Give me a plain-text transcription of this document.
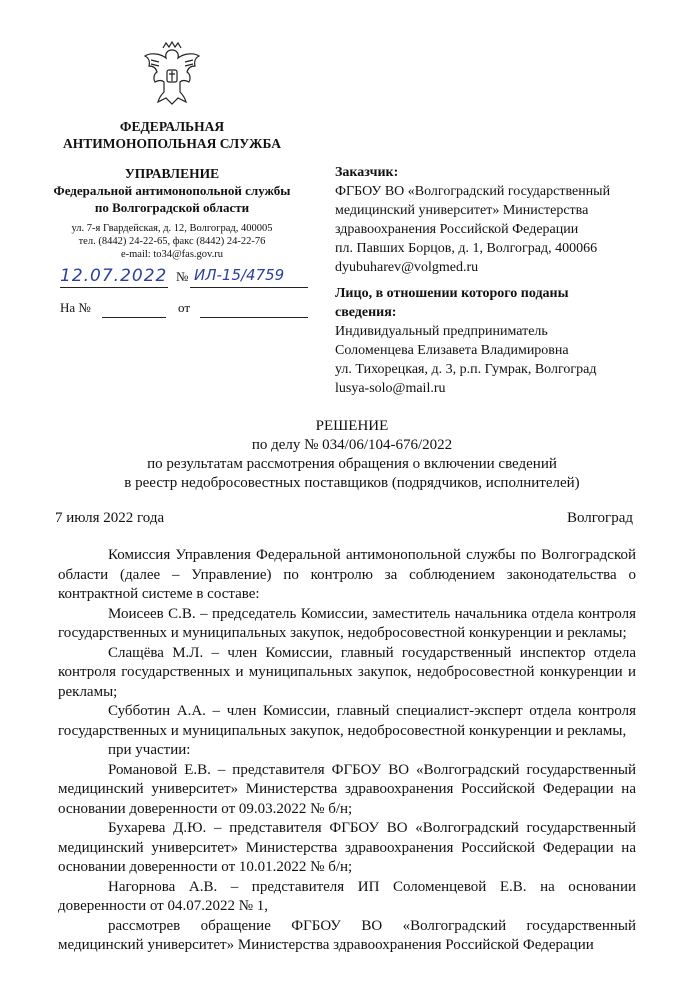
ФЕДЕРАЛЬНАЯ
АНТИМОНОПОЛЬНАЯ СЛУЖБА
УПРАВЛЕНИЕ
Федеральной антимонопольной службы
по Волгоградской области
ул. 7-я Гвардейская, д. 12, Волгоград, 400005
тел. (8442) 24-22-65, факс (8442) 24-22-76
e-mail: to34@fas.gov.ru
12.07.2022 № ИЛ-15/4759
На №	от
Заказчик:
ФГБОУ ВО «Волгоградский государственный
медицинский университет» Министерства
здравоохранения Российской Федерации
пл. Павших Борцов, д. 1, Волгоград, 400066
dyubuharev@volgmed.ru
Лицо, в отношении которого поданы
сведения:
Индивидуальный предприниматель
Соломенцева Елизавета Владимировна
ул. Тихорецкая, д. 3, р.п. Гумрак, Волгоград
lusya-solo@mail.ru
РЕШЕНИЕ
по делу № 034/06/104-676/2022
по результатам рассмотрения обращения о включении сведений
в реестр недобросовестных поставщиков (подрядчиков, исполнителей)
7 июля 2022 года	Волгоград

Комиссия Управления Федеральной антимонопольной службы по Волгоградской области (далее – Управление) по контролю за соблюдением законодательства о контрактной системе в составе:

Моисеев С.В. – председатель Комиссии, заместитель начальника отдела контроля государственных и муниципальных закупок, недобросовестной конкуренции и рекламы;

Слащёва М.Л. – член Комиссии, главный государственный инспектор отдела контроля государственных и муниципальных закупок, недобросовестной конкуренции и рекламы;

Субботин А.А. – член Комиссии, главный специалист-эксперт отдела контроля государственных и муниципальных закупок, недобросовестной конкуренции и рекламы,

при участии:

Романовой Е.В. – представителя ФГБОУ ВО «Волгоградский государственный медицинский университет» Министерства здравоохранения Российской Федерации на основании доверенности от 09.03.2022 № б/н;

Бухарева Д.Ю. – представителя ФГБОУ ВО «Волгоградский государственный медицинский университет» Министерства здравоохранения Российской Федерации на основании доверенности от 10.01.2022 № б/н;

Нагорнова А.В. – представителя ИП Соломенцевой Е.В. на основании доверенности от 04.07.2022 № 1,

рассмотрев обращение ФГБОУ ВО «Волгоградский государственный медицинский университет» Министерства здравоохранения Российской Федерации
